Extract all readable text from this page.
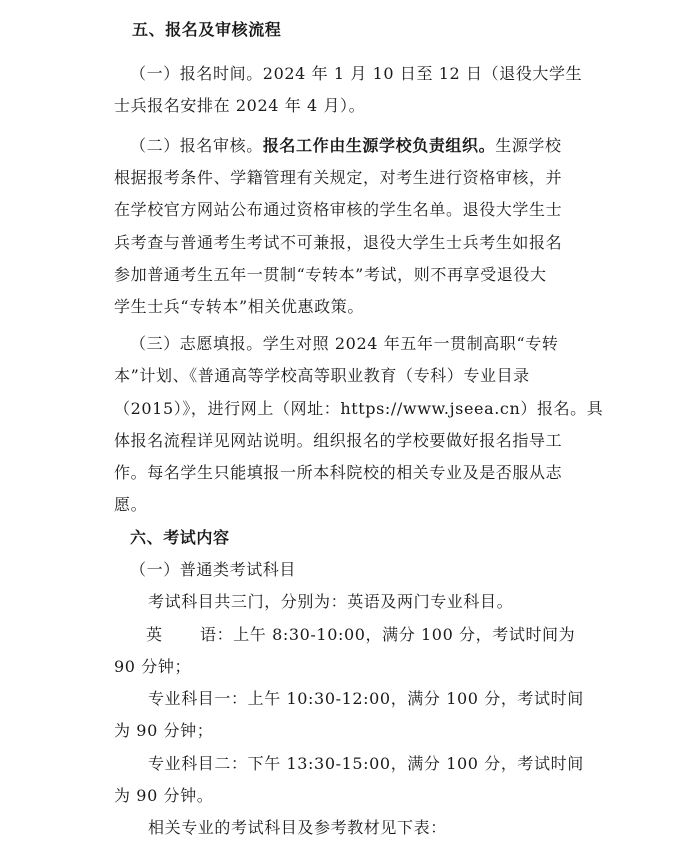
五、报名及审核流程
（一）报名时间。2024 年 1 月 10 日至 12 日（退役大学生
士兵报名安排在 2024 年 4 月）。
（二）报名审核。报名工作由生源学校负责组织。生源学校
根据报考条件、学籍管理有关规定，对考生进行资格审核，并
在学校官方网站公布通过资格审核的学生名单。退役大学生士
兵考查与普通考生考试不可兼报，退役大学生士兵考生如报名
参加普通考生五年一贯制“专转本”考试，则不再享受退役大
学生士兵“专转本”相关优惠政策。
（三）志愿填报。学生对照 2024 年五年一贯制高职“专转
本”计划、《普通高等学校高等职业教育（专科）专业目录
（2015）》，进行网上（网址：https://www.jseea.cn）报名。具
体报名流程详见网站说明。组织报名的学校要做好报名指导工
作。每名学生只能填报一所本科院校的相关专业及是否服从志
愿。
六、考试内容
（一）普通类考试科目
考试科目共三门，分别为：英语及两门专业科目。
英 语：上午 8:30-10:00，满分 100 分，考试时间为
90 分钟；
专业科目一：上午 10:30-12:00，满分 100 分，考试时间
为 90 分钟；
专业科目二：下午 13:30-15:00，满分 100 分，考试时间
为 90 分钟。
相关专业的考试科目及参考教材见下表：
